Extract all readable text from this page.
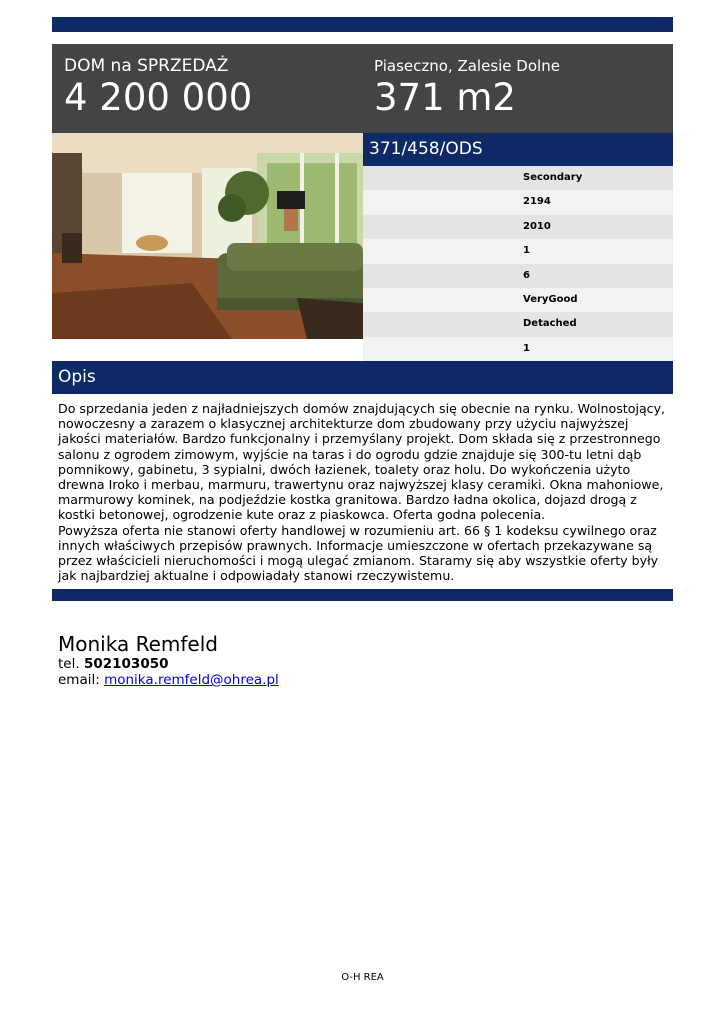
DOM na SPRZEDAŻ
4 200 000
Piaseczno, Zalesie Dolne
371 m2
371/458/ODS
Secondary
2194
2010
1
6
VeryGood
Detached
1
Opis

Do sprzedania jeden z najładniejszych domów znajdujących się obecnie na rynku. Wolnostojący, nowoczesny a zarazem o klasycznej architekturze dom zbudowany przy użyciu najwyższej jakości materiałów. Bardzo funkcjonalny i przemyślany projekt. Dom składa się z przestronnego salonu z ogrodem zimowym, wyjście na taras i do ogrodu gdzie znajduje się 300-tu letni dąb pomnikowy, gabinetu, 3 sypialni, dwóch łazienek, toalety oraz holu. Do wykończenia użyto drewna Iroko i merbau, marmuru, trawertynu oraz najwyższej klasy ceramiki. Okna mahoniowe, marmurowy kominek, na podjeździe kostka granitowa. Bardzo ładna okolica, dojazd drogą z kostki betonowej, ogrodzenie kute oraz z piaskowca. Oferta godna polecenia.

Powyższa oferta nie stanowi oferty handlowej w rozumieniu art. 66 § 1 kodeksu cywilnego oraz innych właściwych przepisów prawnych. Informacje umieszczone w ofertach przekazywane są przez właścicieli nieruchomości i mogą ulegać zmianom. Staramy się aby wszystkie oferty były jak najbardziej aktualne i odpowiadały stanowi rzeczywistemu.

Monika Remfeld
tel. 502103050
email: monika.remfeld@ohrea.pl
O-H REA
